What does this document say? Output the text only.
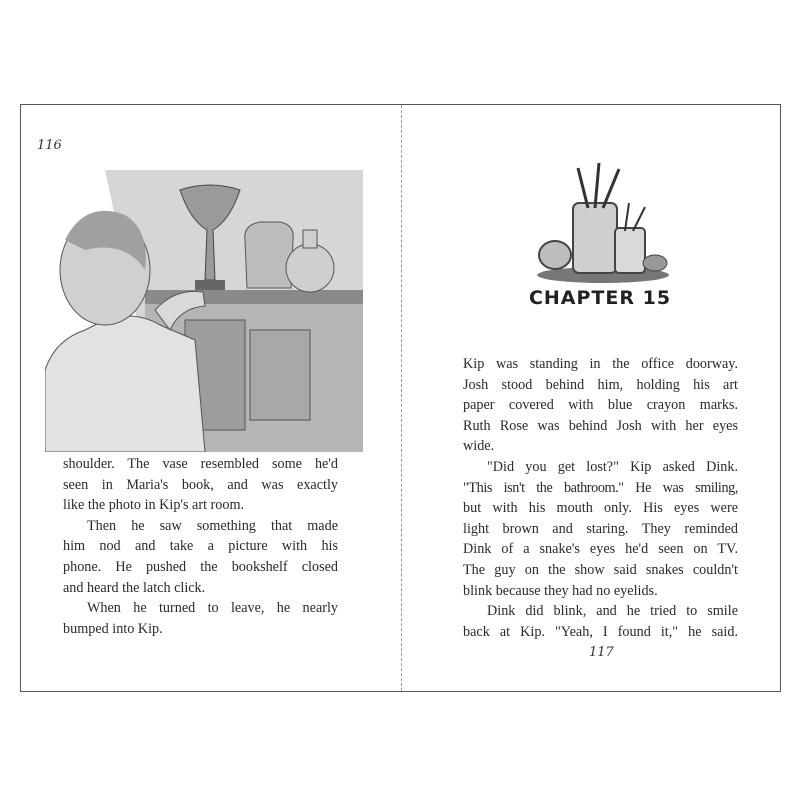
116

shoulder. The vase resembled some he'd
seen in Maria's book, and was exactly
like the photo in Kip's art room.
Then he saw something that made
him nod and take a picture with his
phone. He pushed the bookshelf closed
and heard the latch click.
When he turned to leave, he nearly
bumped into Kip.

CHAPTER 15
Kip was standing in the office doorway.
Josh stood behind him, holding his art
paper covered with blue crayon marks.
Ruth Rose was behind Josh with her eyes
wide.
"Did you get lost?" Kip asked Dink.
"This isn't the bathroom." He was smiling,
but with his mouth only. His eyes were
light brown and staring. They reminded
Dink of a snake's eyes he'd seen on TV.
The guy on the show said snakes couldn't
blink because they had no eyelids.
Dink did blink, and he tried to smile
back at Kip. "Yeah, I found it," he said.
117
